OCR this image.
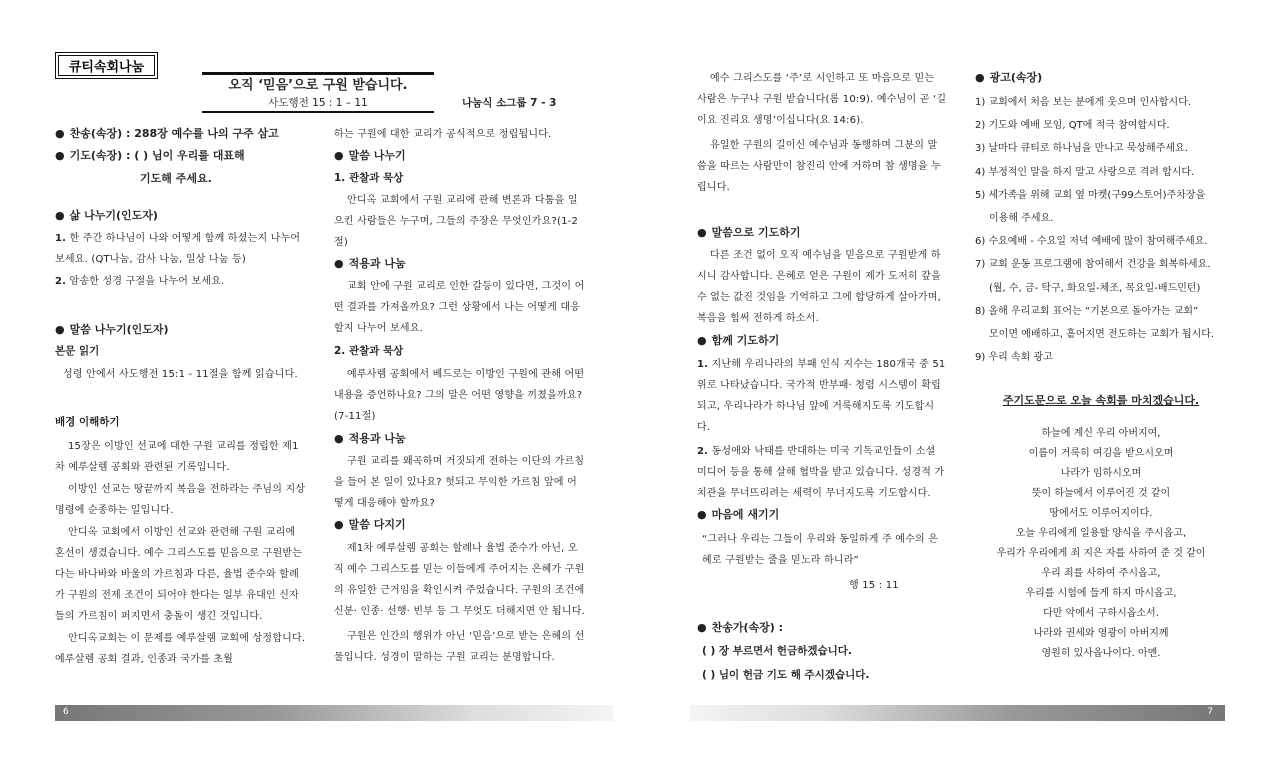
큐티속회나눔
오직 ‘믿음’으로 구원 받습니다.
사도행전 15 : 1 – 11	나눔식 소그룹 7 - 3

● 찬송(속장) : 288장 예수를 나의 구주 삼고

● 기도(속장) : ( ) 님이 우리를 대표해

기도해 주세요.

● 삶 나누기(인도자)

1. 한 주간 하나님이 나와 어떻게 함께 하셨는지 나누어 보세요. (QT나눔, 감사 나눔, 일상 나눔 등)

2. 암송한 성경 구절을 나누어 보세요.

● 말씀 나누기(인도자)

본문 읽기

성령 안에서 사도행전 15:1 - 11절을 함께 읽습니다.

배경 이해하기

15장은 이방인 선교에 대한 구원 교리를 정립한 제1차 예루살렘 공회와 관련된 기록입니다.

이방인 선교는 땅끝까지 복음을 전하라는 주님의 지상명령에 순종하는 일입니다.

안디옥 교회에서 이방인 선교와 관련해 구원 교리에 혼선이 생겼습니다. 예수 그리스도를 믿음으로 구원받는다는 바나바와 바울의 가르침과 다른, 율법 준수와 할례가 구원의 전제 조건이 되어야 한다는 일부 유대인 신자들의 가르침이 퍼지면서 충돌이 생긴 것입니다.

안디옥교회는 이 문제를 예루살렘 교회에 상정합니다. 예루살렘 공회 결과, 인종과 국가를 초월

하는 구원에 대한 교리가 공식적으로 정립됩니다.

● 말씀 나누기

1. 관찰과 묵상

안디옥 교회에서 구원 교리에 관해 변론과 다툼을 일으킨 사람들은 누구며, 그들의 주장은 무엇인가요?(1-2절)

● 적용과 나눔

교회 안에 구원 교리로 인한 갈등이 있다면, 그것이 어떤 결과를 가져올까요? 그런 상황에서 나는 어떻게 대응할지 나누어 보세요.

2. 관찰과 묵상

예루사렘 공회에서 베드로는 이방인 구원에 관해 어떤 내용을 증언하나요? 그의 말은 어떤 영향을 끼쳤을까요?(7-11절)

● 적용과 나눔

구원 교리를 왜곡하며 거짓되게 전하는 이단의 가르침을 들어 본 일이 있나요? 헛되고 무익한 가르침 앞에 어떻게 대응해야 할까요?

● 말씀 다지기

제1차 예루살렘 공회는 할례나 율법 준수가 아닌, 오직 예수 그리스도를 믿는 이들에게 주어지는 은혜가 구원의 유일한 근거임을 확인시켜 주었습니다. 구원의 조건에 신분· 인종· 선행· 빈부 등 그 무엇도 더해지면 안 됩니다.

구원은 인간의 행위가 아닌 ‘믿음’으로 받는 은혜의 선물입니다. 성경이 말하는 구원 교리는 분명합니다.

예수 그리스도를 ‘주’로 시인하고 또 마음으로 믿는 사람은 누구나 구원 받습니다(롬 10:9). 예수님이 곧 ‘길이요 진리요 생명’이십니다(요 14:6).

유일한 구원의 길이신 예수님과 동행하며 그분의 말씀을 따르는 사람만이 참진리 안에 거하며 참 생명을 누립니다.

● 말씀으로 기도하기

다른 조건 없이 오직 예수님을 믿음으로 구원받게 하시니 감사합니다. 은혜로 얻은 구원이 제가 도저히 갚을 수 없는 값진 것임을 기억하고 그에 합당하게 살아가며, 복음을 힘써 전하게 하소서.

● 함께 기도하기

1. 지난해 우리나라의 부패 인식 지수는 180개국 중 51위로 나타났습니다. 국가적 반부패· 청렴 시스템이 확립되고, 우리나라가 하나님 앞에 거룩해지도록 기도합시다.

2. 동성애와 낙태를 반대하는 미국 기독교인들이 소셜 미디어 등을 통해 살해 협박을 받고 있습니다. 성경적 가치관을 무너뜨리려는 세력이 무너지도록 기도합시다.

● 마음에 새기기

“그러나 우리는 그들이 우리와 동일하게 주 예수의 은혜로 구원받는 줄을 믿노라 하니라”

행 15 : 11

● 찬송가(속장) :

( ) 장 부르면서 헌금하겠습니다.

( ) 님이 헌금 기도 해 주시겠습니다.

● 광고(속장)

1) 교회에서 처음 보는 분에게 웃으며 인사합시다.

2) 기도와 예배 모임, QT에 적극 참여합시다.

3) 날마다 큐티로 하나님을 만나고 묵상해주세요.

4) 부정적인 말을 하지 말고 사랑으로 격려 합시다.

5) 세가족을 위해 교회 옆 마켓(구99스토어)주차장을

이용해 주세요.

6) 수요예배 - 수요일 저녁 예배에 많이 참여해주세요.

7) 교회 운동 프로그램에 참여해서 건강을 회복하세요.

(월, 수, 금- 탁구, 화요일-체조, 목요일-배드민턴)

8) 올해 우리교회 표어는 “기본으로 돌아가는 교회”

모이면 예배하고, 흩어지면 전도하는 교회가 됩시다.

9) 우리 속회 광고

주기도문으로 오늘 속회를 마치겠습니다.

하늘에 계신 우리 아버지여,

이름이 거룩히 여김을 받으시오며

나라가 임하시오며

뜻이 하늘에서 이루어진 것 같이

땅에서도 이루어지이다.

오늘 우리에게 일용할 양식을 주시옵고,

우리가 우리에게 죄 지은 자를 사하여 준 것 같이

우리 죄를 사하여 주시옵고,

우리를 시험에 들게 하지 마시옵고,

다만 악에서 구하시옵소서.

나라와 권세와 영광이 아버지께

영원히 있사옵나이다. 아멘.

6	7
